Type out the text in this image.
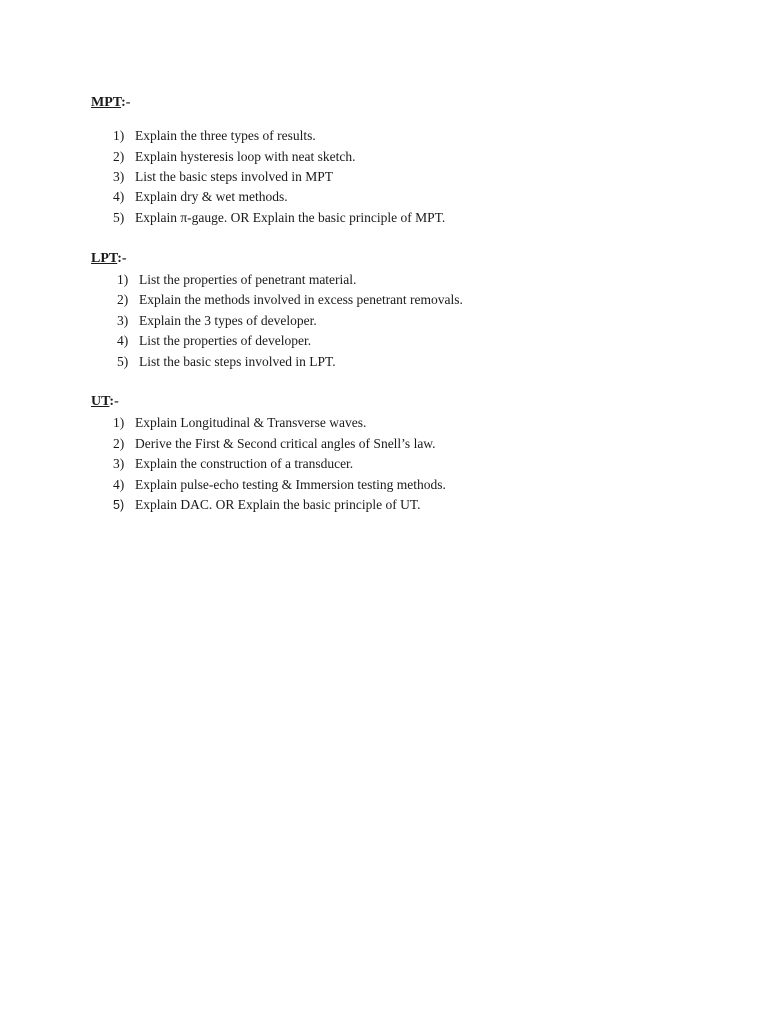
MPT:-
1) Explain the three types of results.
2) Explain hysteresis loop with neat sketch.
3) List the basic steps involved in MPT
4) Explain dry & wet methods.
5) Explain π-gauge. OR Explain the basic principle of MPT.
LPT:-
1) List the properties of penetrant material.
2) Explain the methods involved in excess penetrant removals.
3) Explain the 3 types of developer.
4) List the properties of developer.
5) List the basic steps involved in LPT.
UT:-
1) Explain Longitudinal & Transverse waves.
2) Derive the First & Second critical angles of Snell’s law.
3) Explain the construction of a transducer.
4) Explain pulse-echo testing & Immersion testing methods.
5) Explain DAC. OR Explain the basic principle of UT.
